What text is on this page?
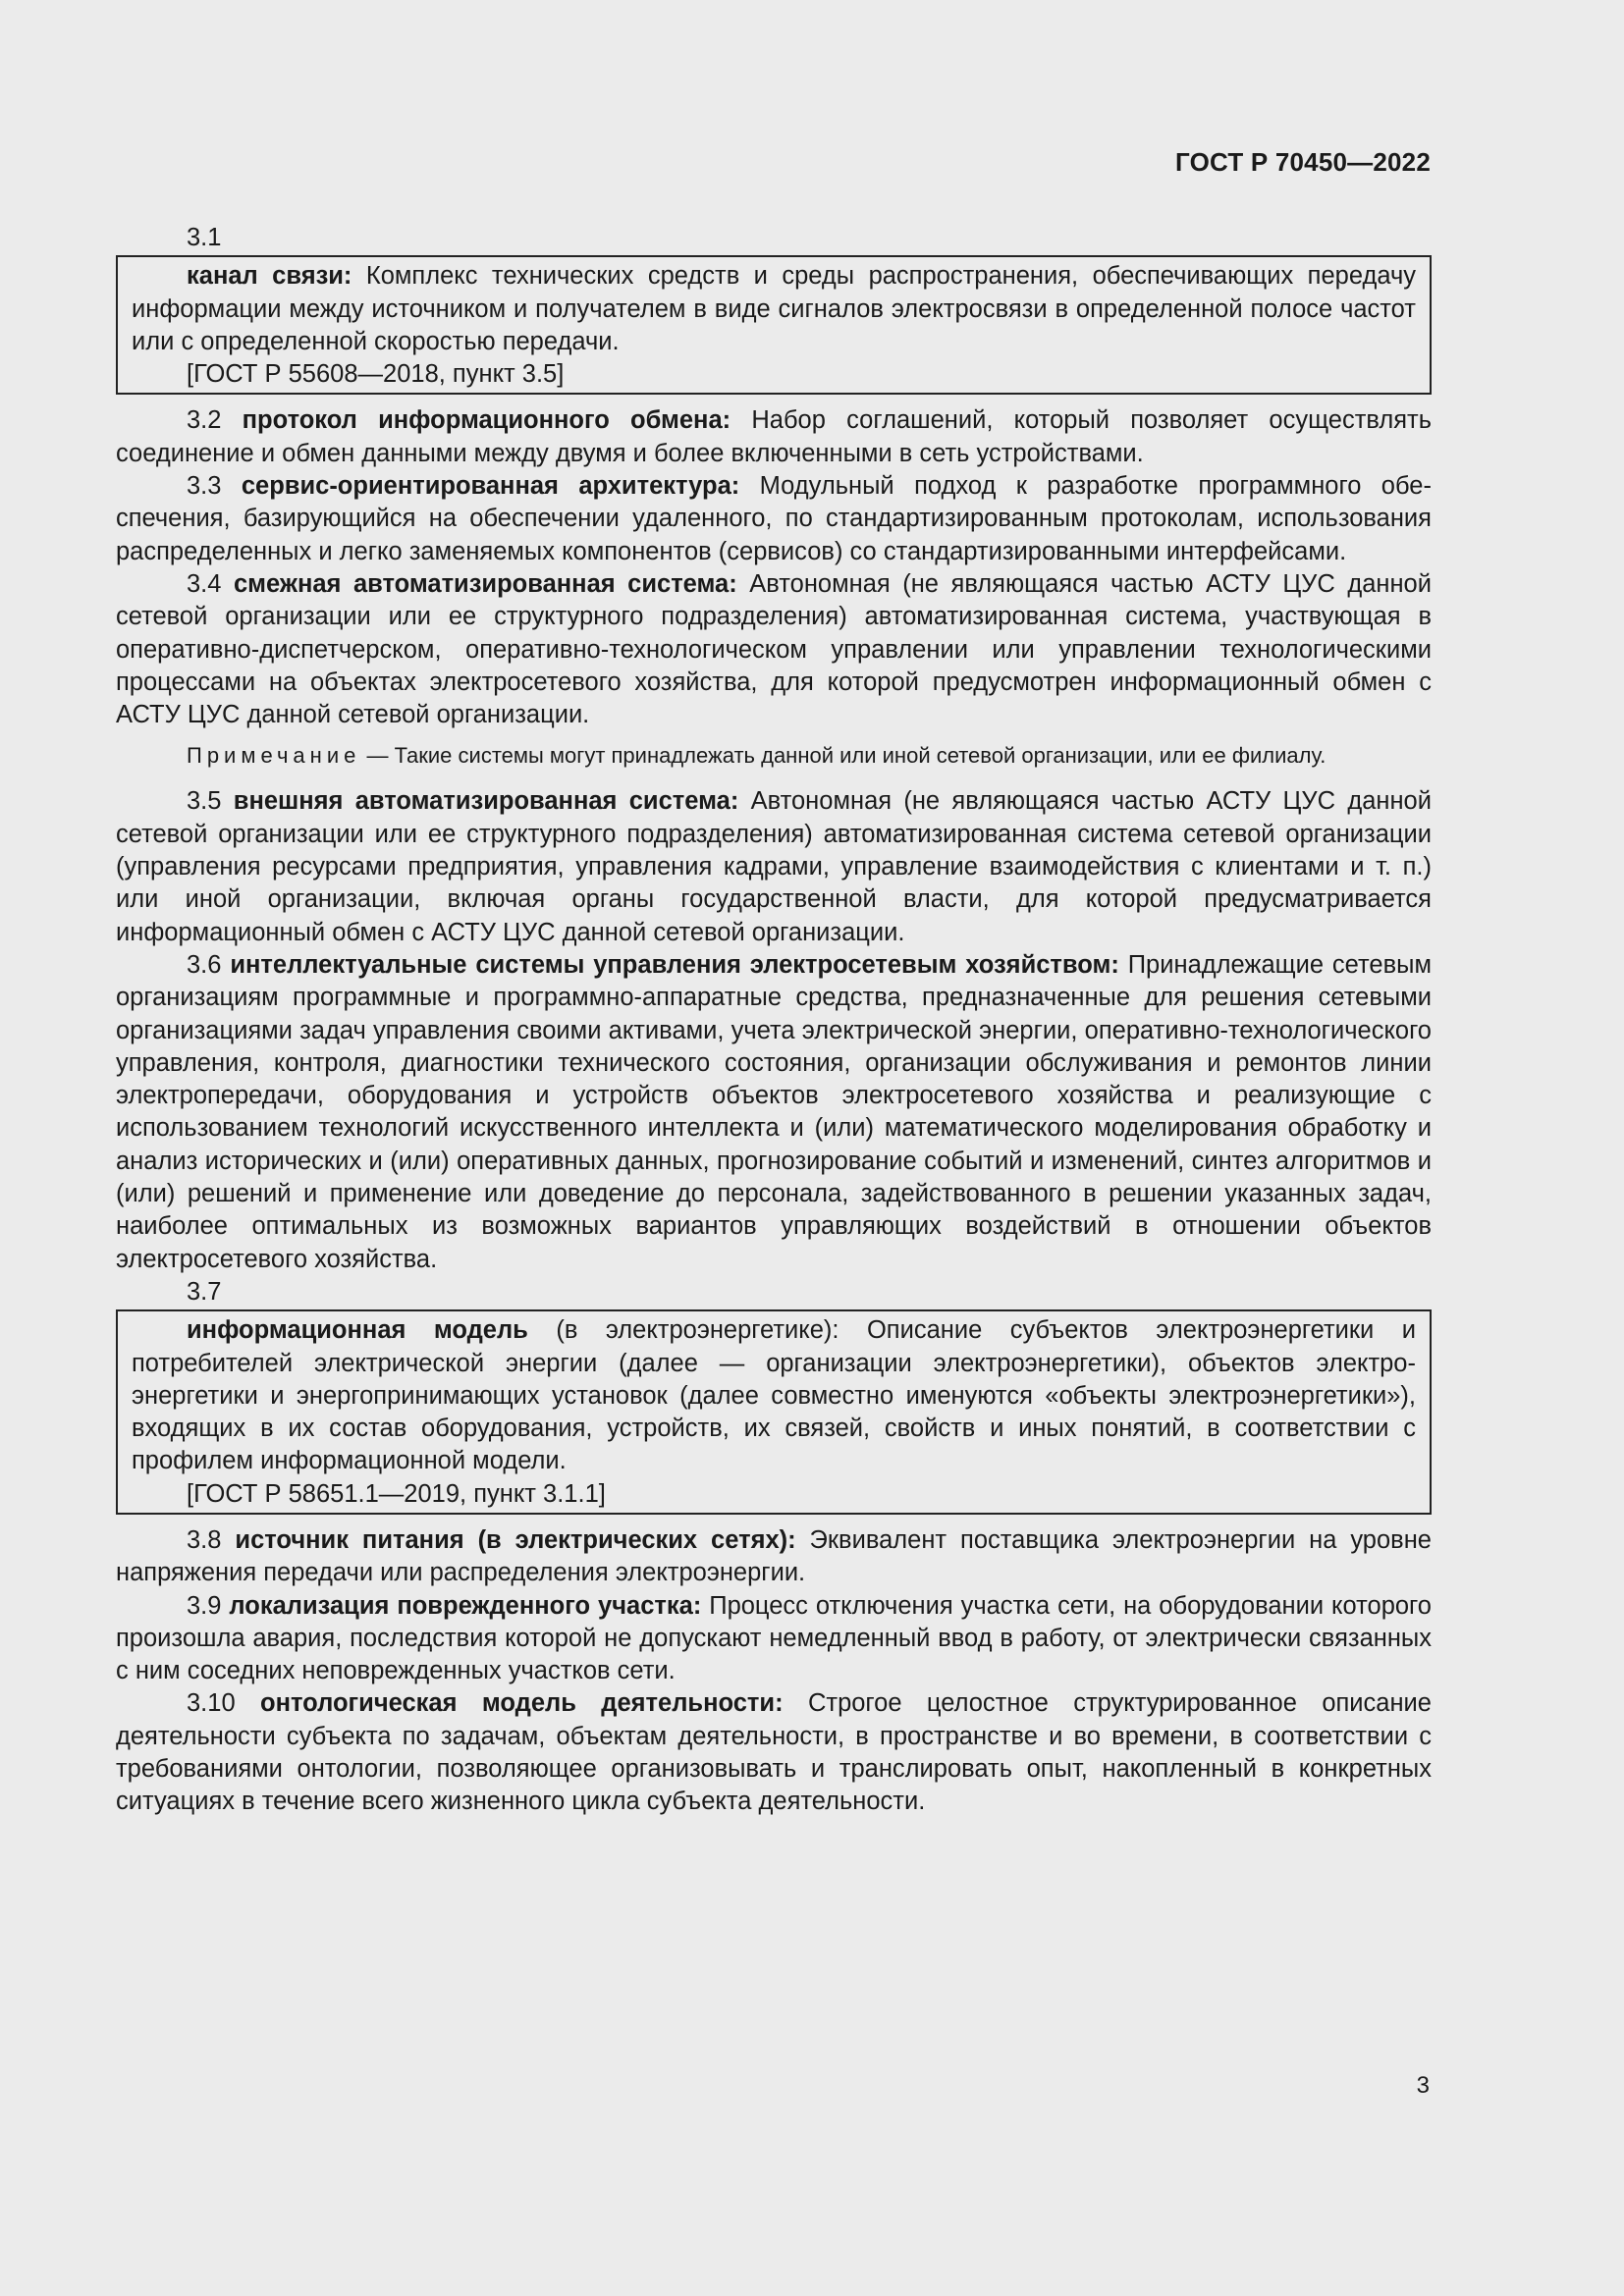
ГОСТ Р 70450—2022
3.1

канал связи: Комплекс технических средств и среды распространения, обеспечивающих передачу информации между источником и получателем в виде сигналов электросвязи в определенной полосе частот или с определенной скоростью передачи.

[ГОСТ Р 55608—2018, пункт 3.5]

3.2 протокол информационного обмена: Набор соглашений, который позволяет осуществлять соединение и обмен данными между двумя и более включенными в сеть устройствами.

3.3 сервис-ориентированная архитектура: Модульный подход к разработке программного обеспечения, базирующийся на обеспечении удаленного, по стандартизированным протоколам, использования распределенных и легко заменяемых компонентов (сервисов) со стандартизированными интерфейсами.

3.4 смежная автоматизированная система: Автономная (не являющаяся частью АСТУ ЦУС данной сетевой организации или ее структурного подразделения) автоматизированная система, участвующая в оперативно-диспетчерском, оперативно-технологическом управлении или управлении технологическими процессами на объектах электросетевого хозяйства, для которой предусмотрен информационный обмен с АСТУ ЦУС данной сетевой организации.

Примечание — Такие системы могут принадлежать данной или иной сетевой организации, или ее филиалу.

3.5 внешняя автоматизированная система: Автономная (не являющаяся частью АСТУ ЦУС данной сетевой организации или ее структурного подразделения) автоматизированная система сетевой организации (управления ресурсами предприятия, управления кадрами, управление взаимодействия с клиентами и т. п.) или иной организации, включая органы государственной власти, для которой предусматривается информационный обмен с АСТУ ЦУС данной сетевой организации.

3.6 интеллектуальные системы управления электросетевым хозяйством: Принадлежащие сетевым организациям программные и программно-аппаратные средства, предназначенные для решения сетевыми организациями задач управления своими активами, учета электрической энергии, оперативно-технологического управления, контроля, диагностики технического состояния, организации обслуживания и ремонтов линии электропередачи, оборудования и устройств объектов электросетевого хозяйства и реализующие с использованием технологий искусственного интеллекта и (или) математического моделирования обработку и анализ исторических и (или) оперативных данных, прогнозирование событий и изменений, синтез алгоритмов и (или) решений и применение или доведение до персонала, задействованного в решении указанных задач, наиболее оптимальных из возможных вариантов управляющих воздействий в отношении объектов электросетевого хозяйства.

3.7

информационная модель (в электроэнергетике): Описание субъектов электроэнергетики и потребителей электрической энергии (далее — организации электроэнергетики), объектов электроэнергетики и энергопринимающих установок (далее совместно именуются «объекты электроэнергетики»), входящих в их состав оборудования, устройств, их связей, свойств и иных понятий, в соответствии с профилем информационной модели.

[ГОСТ Р 58651.1—2019, пункт 3.1.1]

3.8 источник питания (в электрических сетях): Эквивалент поставщика электроэнергии на уровне напряжения передачи или распределения электроэнергии.

3.9 локализация поврежденного участка: Процесс отключения участка сети, на оборудовании которого произошла авария, последствия которой не допускают немедленный ввод в работу, от электрически связанных с ним соседних неповрежденных участков сети.

3.10 онтологическая модель деятельности: Строгое целостное структурированное описание деятельности субъекта по задачам, объектам деятельности, в пространстве и во времени, в соответствии с требованиями онтологии, позволяющее организовывать и транслировать опыт, накопленный в конкретных ситуациях в течение всего жизненного цикла субъекта деятельности.

3
